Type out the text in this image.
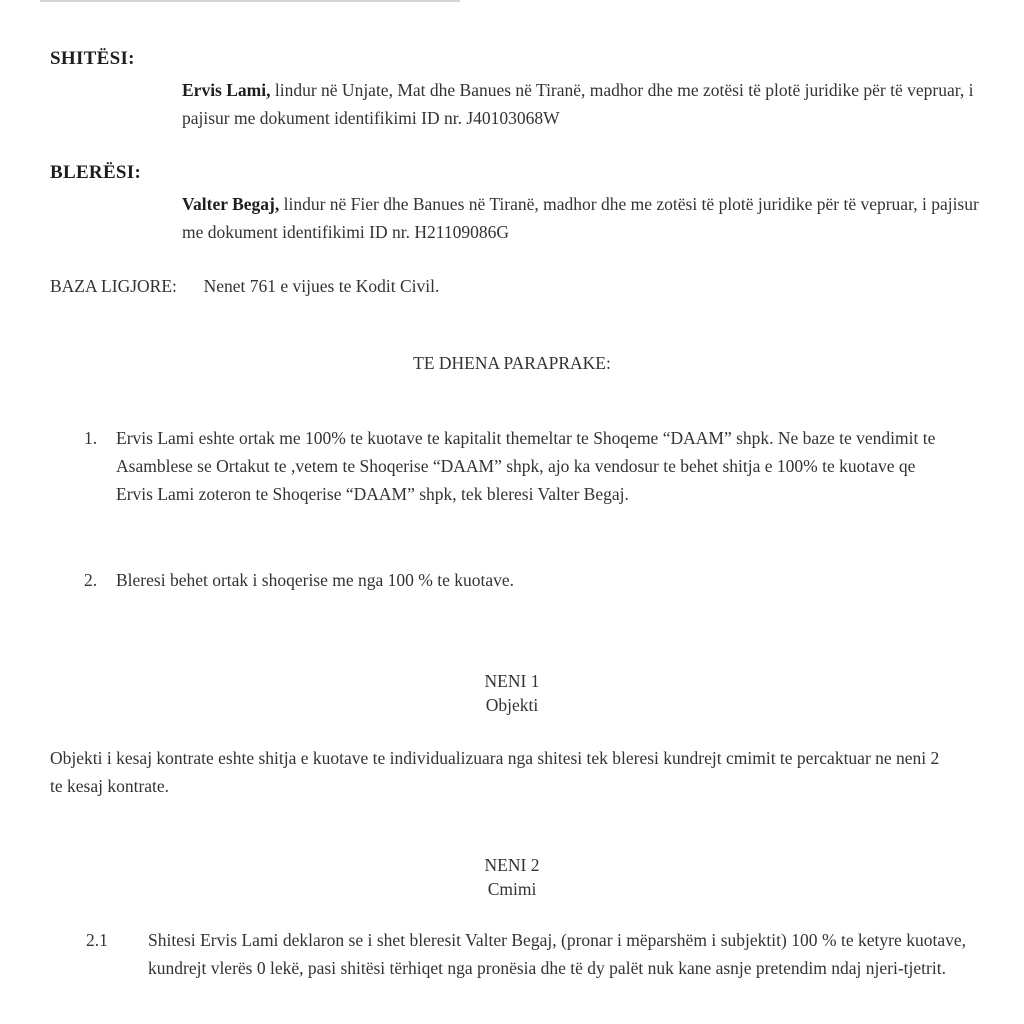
SHITËSI:

Ervis Lami, lindur në Unjate, Mat dhe Banues në Tiranë, madhor dhe me zotësi të plotë juridike për të vepruar, i pajisur me dokument identifikimi ID nr. J40103068W

BLERËSI:

Valter Begaj, lindur në Fier dhe Banues në Tiranë, madhor dhe me zotësi të plotë juridike për të vepruar, i pajisur me dokument identifikimi ID nr. H21109086G

BAZA LIGJORE: Nenet 761 e vijues te Kodit Civil.
TE DHENA PARAPRAKE:
1.	Ervis Lami eshte ortak me 100% te kuotave te kapitalit themeltar te Shoqeme “DAAM” shpk. Ne baze te vendimit te Asamblese se Ortakut te ,vetem te Shoqerise “DAAM” shpk, ajo ka vendosur te behet shitja e 100% te kuotave qe Ervis Lami zoteron te Shoqerise “DAAM” shpk, tek bleresi Valter Begaj.
2.	Bleresi behet ortak i shoqerise me nga 100 % te kuotave.
NENI 1
Objekti

Objekti i kesaj kontrate eshte shitja e kuotave te individualizuara nga shitesi tek bleresi kundrejt cmimit te percaktuar ne neni 2 te kesaj kontrate.

NENI 2
Cmimi
2.1	Shitesi Ervis Lami deklaron se i shet bleresit Valter Begaj, (pronar i mëparshëm i subjektit) 100 % te ketyre kuotave, kundrejt vlerës 0 lekë, pasi shitësi tërhiqet nga pronësia dhe të dy palët nuk kane asnje pretendim ndaj njeri-tjetrit.
